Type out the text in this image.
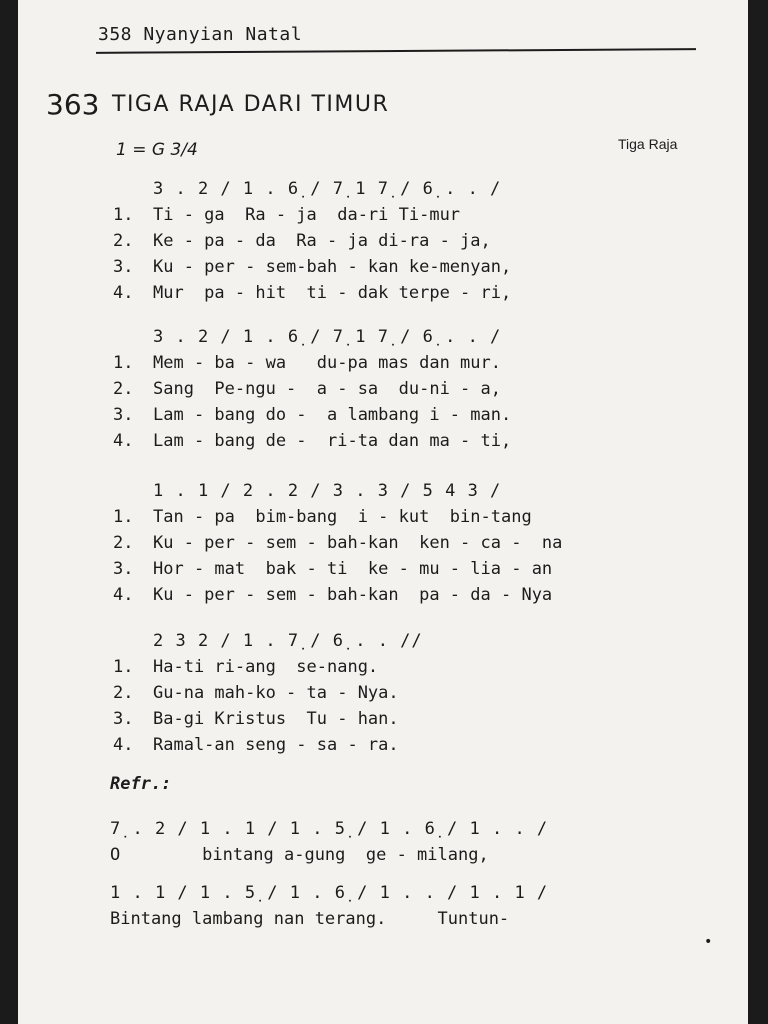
358 Nyanyian Natal
363 TIGA RAJA DARI TIMUR
1 = G 3/4	Tiga Raja
3 . 2 / 1 . 6̣ / 7̣ 1 7̣ / 6̣ . . /
1. Ti - ga  Ra - ja  da-ri Ti-mur
2. Ke - pa - da  Ra - ja di-ra - ja,
3. Ku - per - sem-bah - kan ke-menyan,
4. Mur  pa - hit  ti - dak terpe - ri,
3 . 2 / 1 . 6̣ / 7̣ 1 7̣ / 6̣ . . /
1. Mem - ba - wa   du-pa mas dan mur.
2. Sang  Pe-ngu -  a - sa  du-ni - a,
3. Lam - bang do -  a lambang i - man.
4. Lam - bang de -  ri-ta dan ma - ti,
1 . 1 / 2 . 2 / 3 . 3 / 5 4 3 /
1. Tan - pa  bim-bang  i - kut  bin-tang
2. Ku - per - sem - bah-kan  ken - ca -  na
3. Hor - mat  bak - ti  ke - mu - lia - an
4. Ku - per - sem - bah-kan  pa - da - Nya
2 3 2 / 1 . 7̣ / 6̣ . . //
1. Ha-ti ri-ang  se-nang.
2. Gu-na mah-ko - ta - Nya.
3. Ba-gi Kristus  Tu - han.
4. Ramal-an seng - sa - ra.
Refr.:
7̣ . 2 / 1 . 1 / 1 . 5̣ / 1 . 6̣ / 1 . . /
O        bintang a-gung  ge - milang,
1 . 1 / 1 . 5̣ / 1 . 6̣ / 1 . . / 1 . 1 /
Bintang lambang nan terang.     Tuntun-
•
